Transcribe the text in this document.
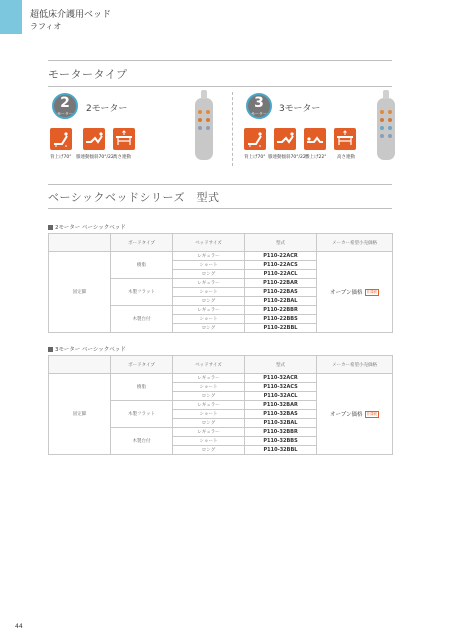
超低床介護用ベッド
ラフィオ
モータータイプ
2
モーター	2モーター
背上げ70° 膝連動傾斜70°/22°
高さ連動
3
モーター	3モーター
背上げ70° 膝連動傾斜70°/22°
膝上げ22° 高さ連動
ベーシックベッドシリーズ　型式
2モーター ベーシックベッド
	ボードタイプ	ベッドサイズ	型式	メーカー希望小売価格
固定脚	樹脂	レギュラー	P110-22ACR	オープン価格 非課税
		ショート	P110-22ACS	
		ロング	P110-22ACL	
	木製フラット	レギュラー	P110-22BAR	
		ショート	P110-22BAS	
		ロング	P110-22BAL	
	木製台付	レギュラー	P110-22BBR	
		ショート	P110-22BBS	
		ロング	P110-22BBL	
3モーター ベーシックベッド
	ボードタイプ	ベッドサイズ	型式	メーカー希望小売価格
固定脚	樹脂	レギュラー	P110-32ACR	オープン価格 非課税
		ショート	P110-32ACS	
		ロング	P110-32ACL	
	木製フラット	レギュラー	P110-32BAR	
		ショート	P110-32BAS	
		ロング	P110-32BAL	
	木製台付	レギュラー	P110-32BBR	
		ショート	P110-32BBS	
		ロング	P110-32BBL	
44
